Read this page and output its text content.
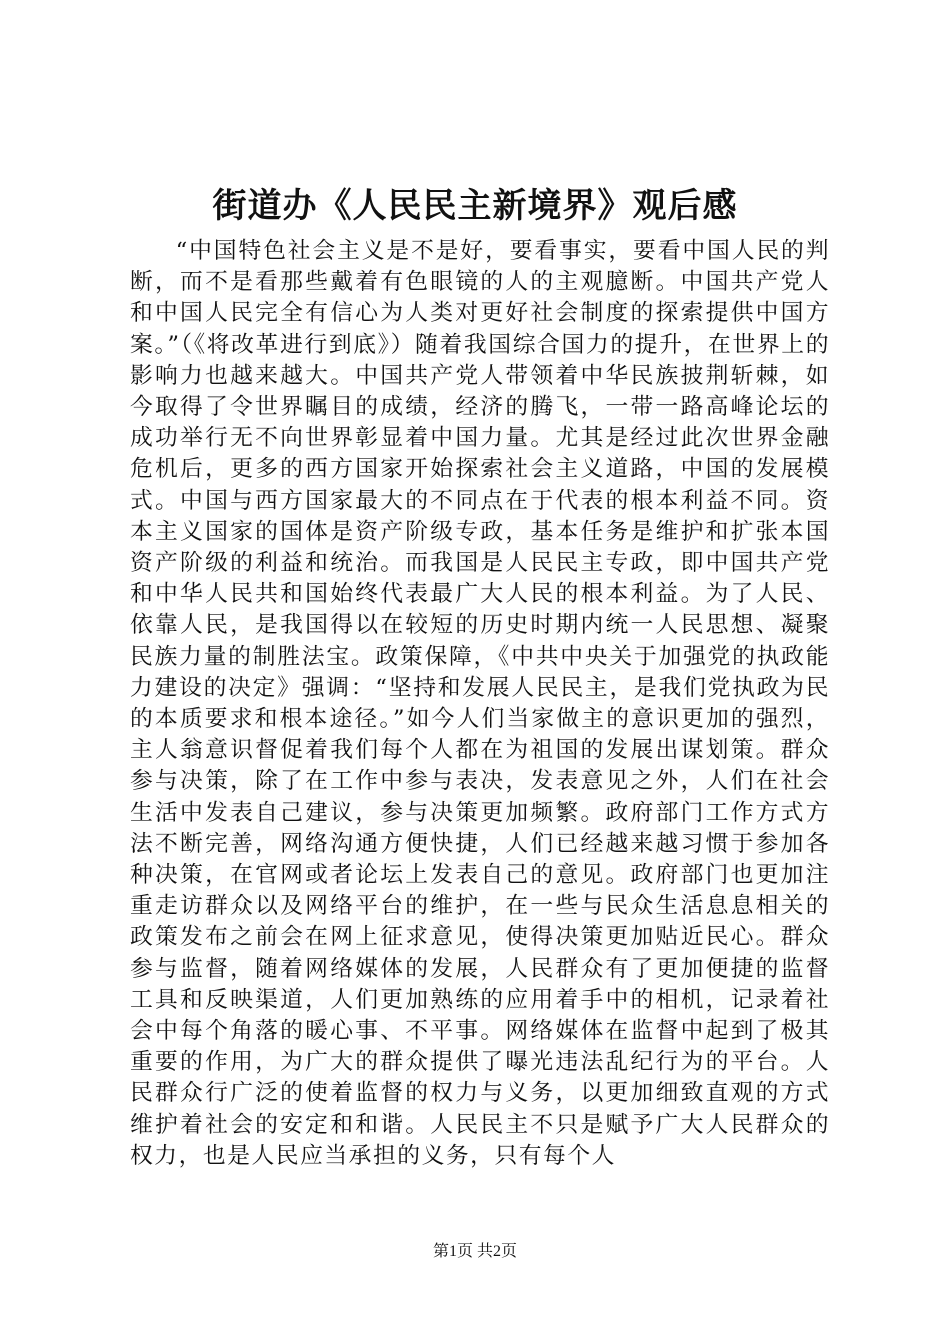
街道办《人民民主新境界》观后感

“中国特色社会主义是不是好，要看事实，要看中国人民的判断，而不是看那些戴着有色眼镜的人的主观臆断。中国共产党人和中国人民完全有信心为人类对更好社会制度的探索提供中国方案。”（《将改革进行到底》）随着我国综合国力的提升，在世界上的影响力也越来越大。中国共产党人带领着中华民族披荆斩棘，如今取得了令世界瞩目的成绩，经济的腾飞，一带一路高峰论坛的成功举行无不向世界彰显着中国力量。尤其是经过此次世界金融危机后，更多的西方国家开始探索社会主义道路，中国的发展模式。中国与西方国家最大的不同点在于代表的根本利益不同。资本主义国家的国体是资产阶级专政，基本任务是维护和扩张本国资产阶级的利益和统治。而我国是人民民主专政，即中国共产党和中华人民共和国始终代表最广大人民的根本利益。为了人民、依靠人民，是我国得以在较短的历史时期内统一人民思想、凝聚民族力量的制胜法宝。政策保障，《中共中央关于加强党的执政能力建设的决定》强调：“坚持和发展人民民主，是我们党执政为民的本质要求和根本途径。”如今人们当家做主的意识更加的强烈，主人翁意识督促着我们每个人都在为祖国的发展出谋划策。群众参与决策，除了在工作中参与表决，发表意见之外，人们在社会生活中发表自己建议，参与决策更加频繁。政府部门工作方式方法不断完善，网络沟通方便快捷，人们已经越来越习惯于参加各种决策，在官网或者论坛上发表自己的意见。政府部门也更加注重走访群众以及网络平台的维护，在一些与民众生活息息相关的政策发布之前会在网上征求意见，使得决策更加贴近民心。群众参与监督，随着网络媒体的发展，人民群众有了更加便捷的监督工具和反映渠道，人们更加熟练的应用着手中的相机，记录着社会中每个角落的暖心事、不平事。网络媒体在监督中起到了极其重要的作用，为广大的群众提供了曝光违法乱纪行为的平台。人民群众行广泛的使着监督的权力与义务，以更加细致直观的方式维护着社会的安定和和谐。人民民主不只是赋予广大人民群众的权力，也是人民应当承担的义务，只有每个人

第1页 共2页
